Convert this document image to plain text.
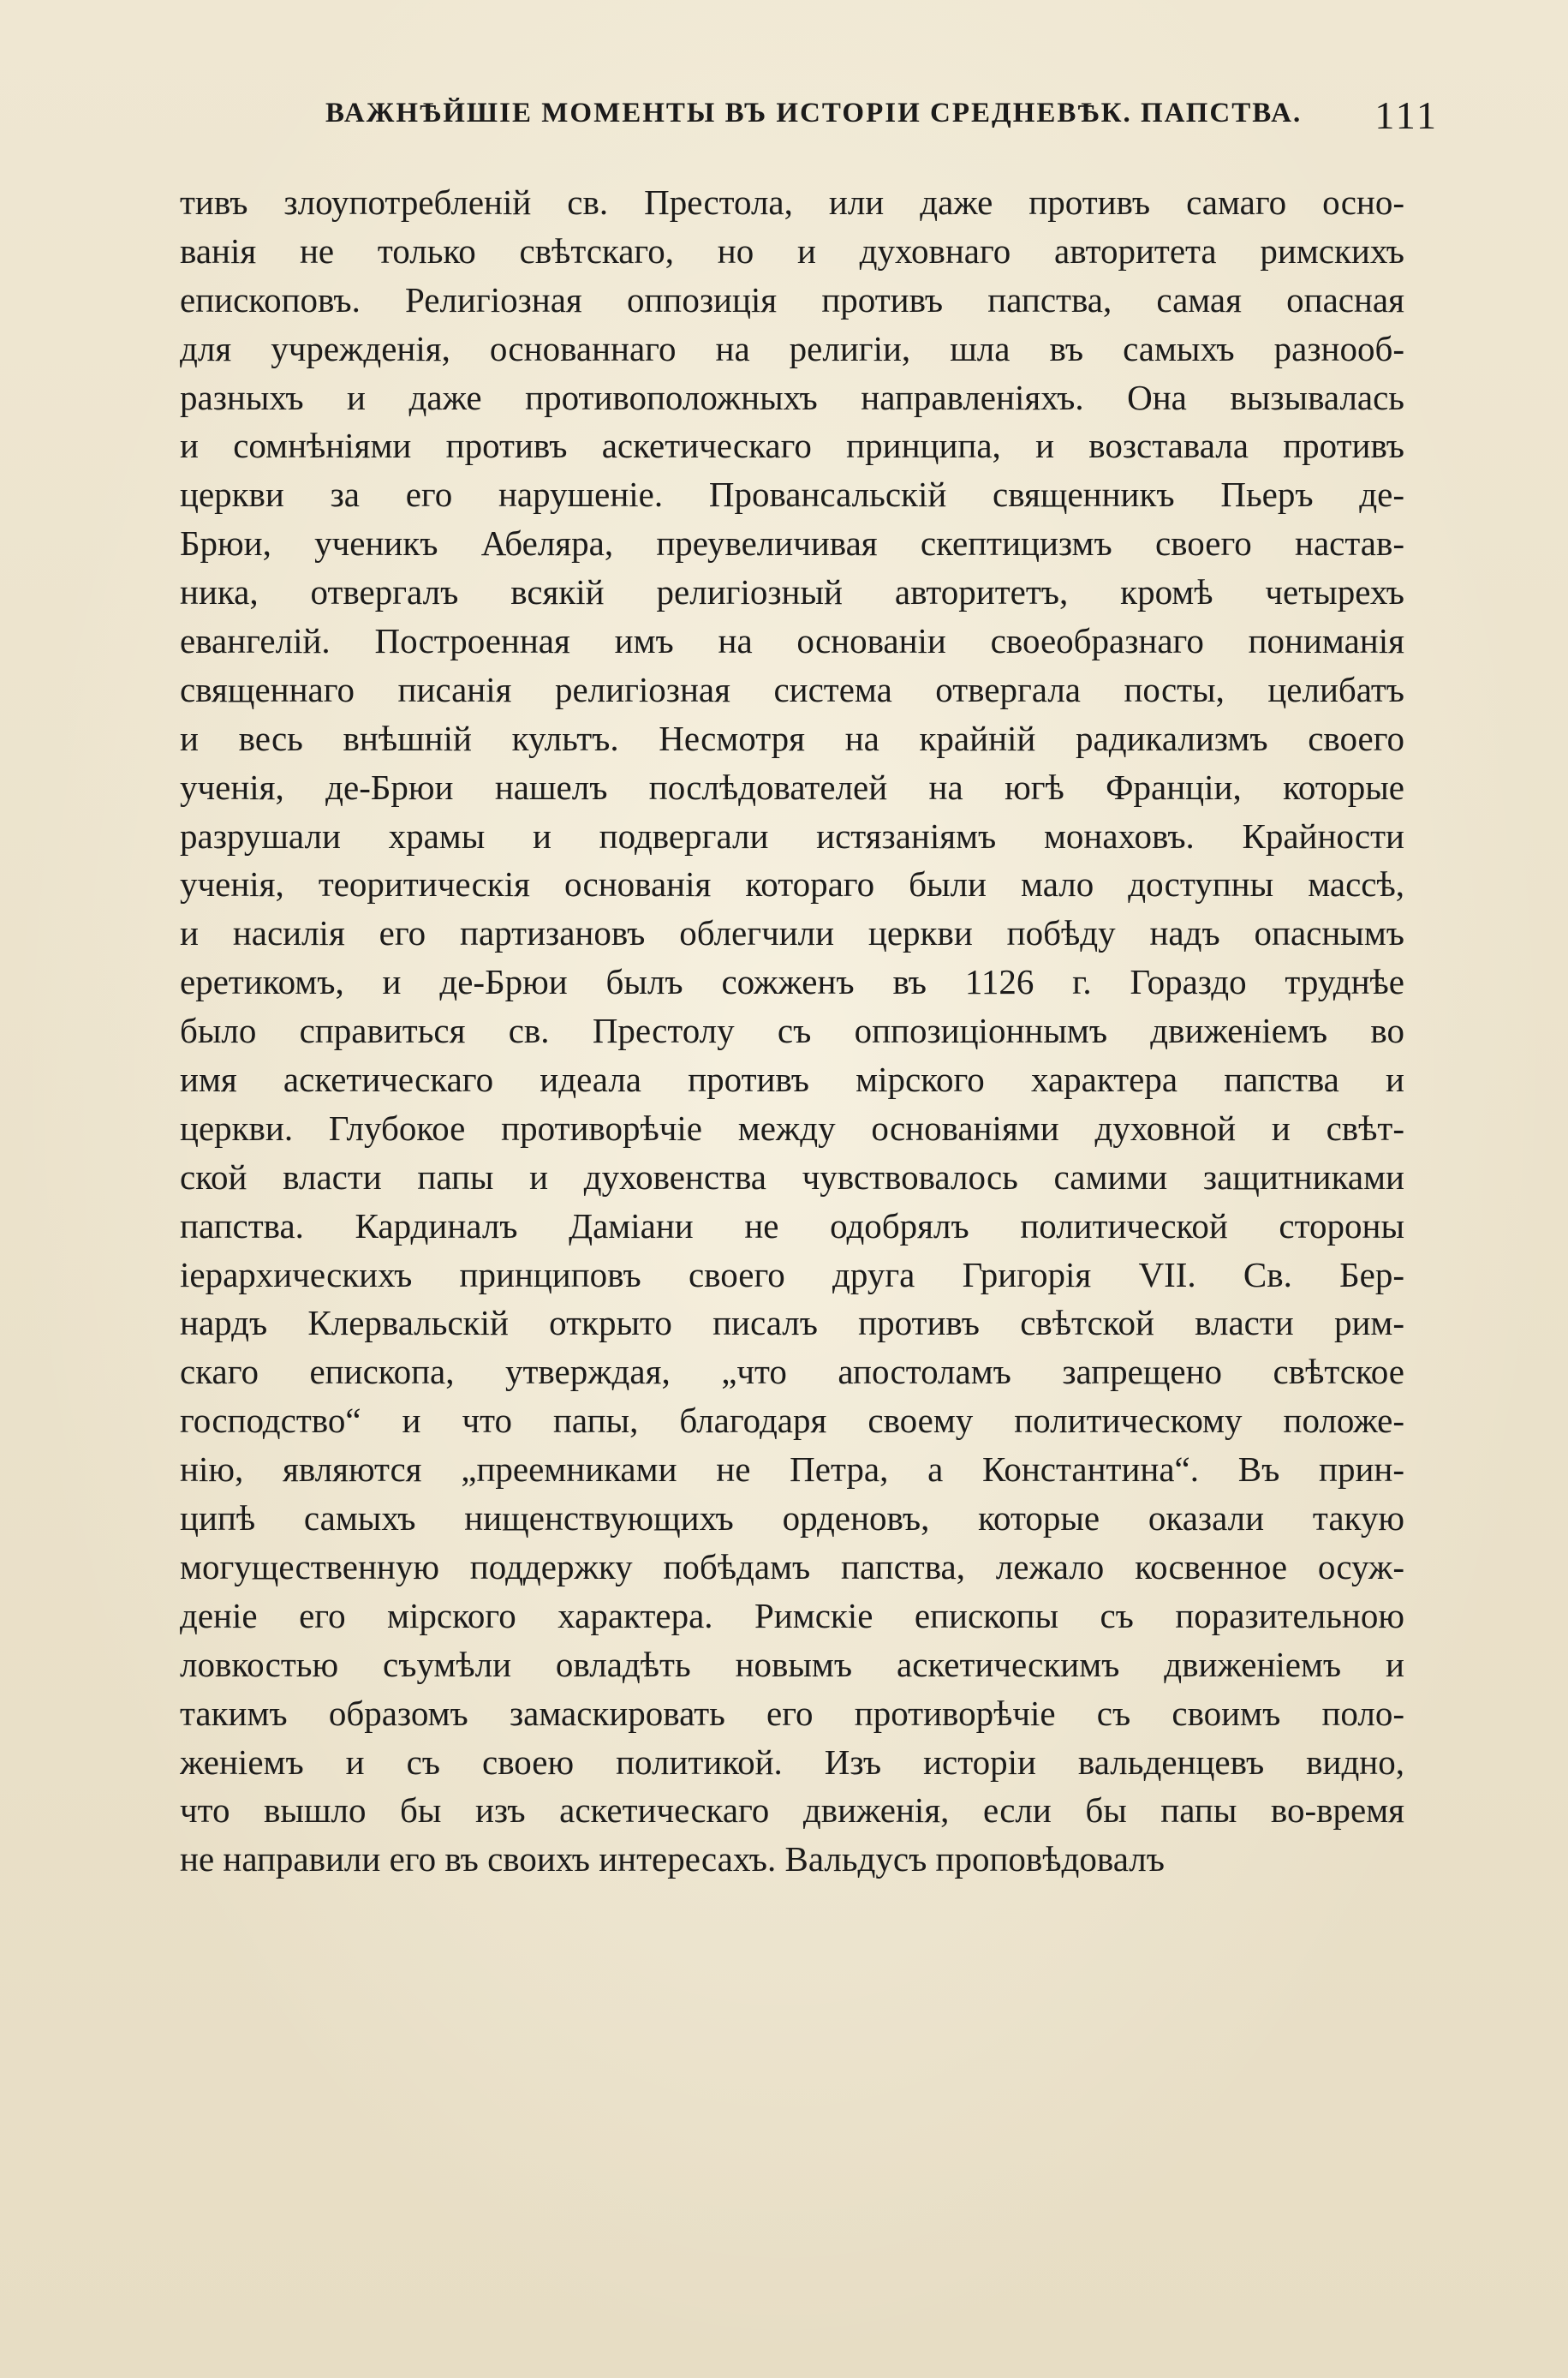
ВАЖНѢЙШІЕ МОМЕНТЫ ВЪ ИСТОРІИ СРЕДНЕВѢК. ПАПСТВА. 111
тивъ злоупотребленій св. Престола, или даже противъ самаго осно-
ванія не только свѣтскаго, но и духовнаго авторитета римскихъ
епископовъ. Религіозная оппозиція противъ папства, самая опасная
для учрежденія, основаннаго на религіи, шла въ самыхъ разнооб-
разныхъ и даже противоположныхъ направленіяхъ. Она вызывалась
и сомнѣніями противъ аскетическаго принципа, и возставала противъ
церкви за его нарушеніе. Провансальскій священникъ Пьеръ де-
Брюи, ученикъ Абеляра, преувеличивая скептицизмъ своего настав-
ника, отвергалъ всякій религіозный авторитетъ, кромѣ четырехъ
евангелій. Построенная имъ на основаніи своеобразнаго пониманія
священнаго писанія религіозная система отвергала посты, целибатъ
и весь внѣшній культъ. Несмотря на крайній радикализмъ своего
ученія, де-Брюи нашелъ послѣдователей на югѣ Франціи, которые
разрушали храмы и подвергали истязаніямъ монаховъ. Крайности
ученія, теоритическія основанія котораго были мало доступны массѣ,
и насилія его партизановъ облегчили церкви побѣду надъ опаснымъ
еретикомъ, и де-Брюи былъ сожженъ въ 1126 г. Гораздо труднѣе
было справиться св. Престолу съ оппозиціоннымъ движеніемъ во
имя аскетическаго идеала противъ мірского характера папства и
церкви. Глубокое противорѣчіе между основаніями духовной и свѣт-
ской власти папы и духовенства чувствовалось самими защитниками
папства. Кардиналъ Даміани не одобрялъ политической стороны
іерархическихъ принциповъ своего друга Григорія VII. Св. Бер-
нардъ Клервальскій открыто писалъ противъ свѣтской власти рим-
скаго епископа, утверждая, „что апостоламъ запрещено свѣтское
господство“ и что папы, благодаря своему политическому положе-
нію, являются „преемниками не Петра, а Константина“. Въ прин-
ципѣ самыхъ нищенствующихъ орденовъ, которые оказали такую
могущественную поддержку побѣдамъ папства, лежало косвенное осуж-
деніе его мірского характера. Римскіе епископы съ поразительною
ловкостью съумѣли овладѣть новымъ аскетическимъ движеніемъ и
такимъ образомъ замаскировать его противорѣчіе съ своимъ поло-
женіемъ и съ своею политикой. Изъ исторіи вальденцевъ видно,
что вышло бы изъ аскетическаго движенія, если бы папы во-время
не направили его въ своихъ интересахъ. Вальдусъ проповѣдовалъ
